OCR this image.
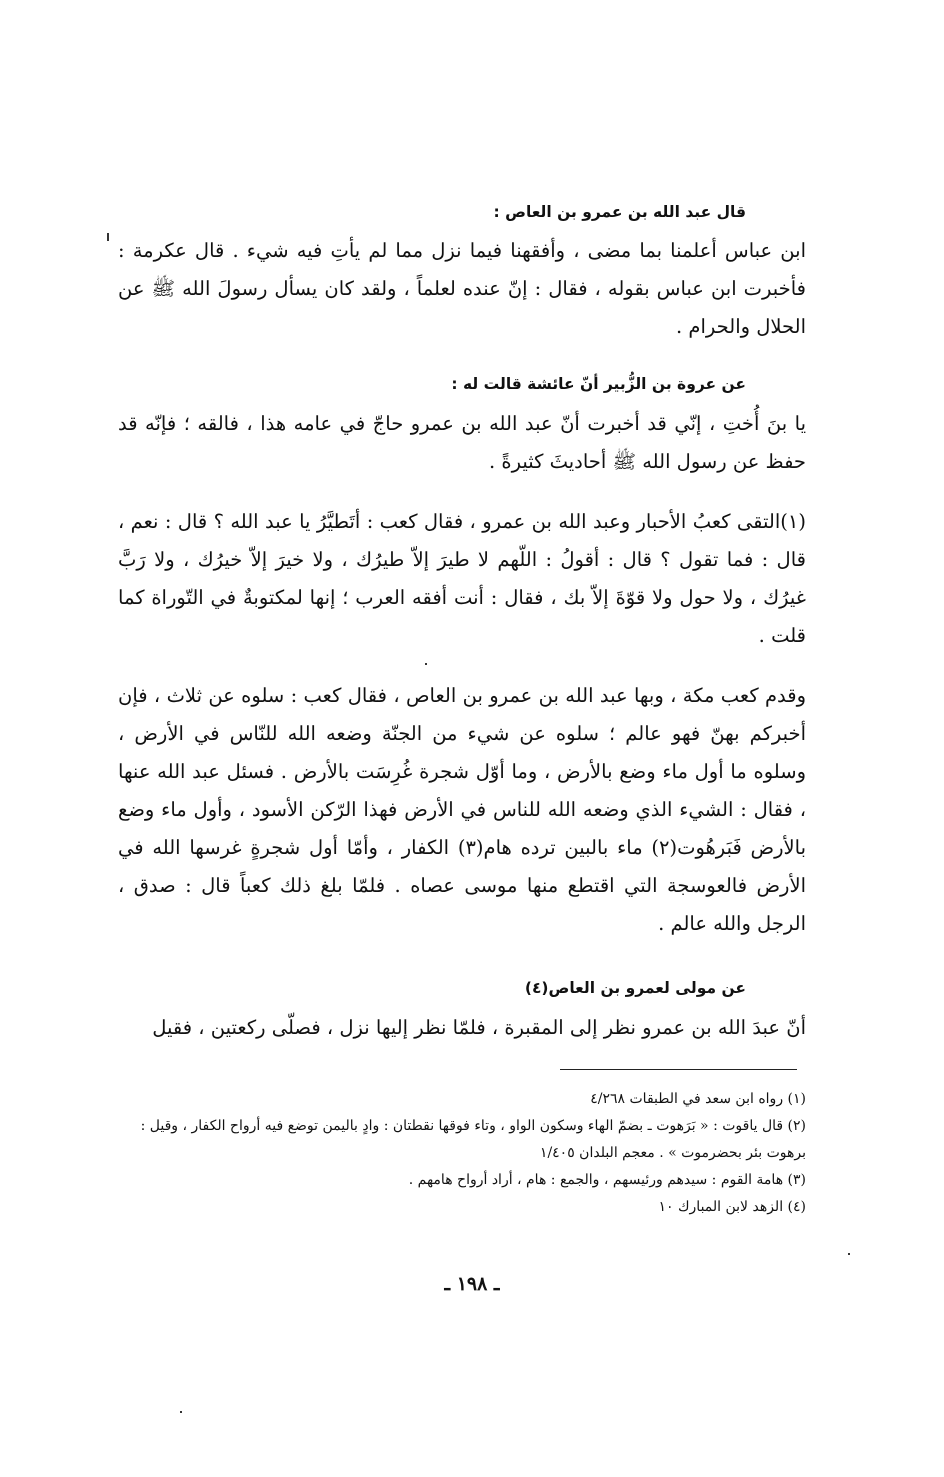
قال عبد الله بن عمرو بن العاص :

ابن عباس أعلمنا بما مضى ، وأفقهنا فيما نزل مما لم يأتِ فيه شيء . قال عكرمة : فأخبرت ابن عباس بقوله ، فقال : إنّ عنده لعلماً ، ولقد كان يسأل رسولَ الله ﷺ عن الحلال والحرام .

عن عروة بن الزُّبير أنّ عائشة قالت له :

يا بنَ أُختِ ، إنّي قد أخبرت أنّ عبد الله بن عمرو حاجّ في عامه هذا ، فالقه ؛ فإنّه قد حفظ عن رسول الله ﷺ أحاديثَ كثيرةً .

(١)التقى كعبُ الأحبار وعبد الله بن عمرو ، فقال كعب : أتَطيَّرُ يا عبد الله ؟ قال : نعم ، قال : فما تقول ؟ قال : أقولُ : اللّهم لا طيرَ إلاّ طيرُك ، ولا خيرَ إلاّ خيرُك ، ولا رَبَّ غيرُك ، ولا حول ولا قوّةَ إلاّ بك ، فقال : أنت أفقه العرب ؛ إنها لمكتوبةٌ في التّوراة كما قلت .

وقدم كعب مكة ، وبها عبد الله بن عمرو بن العاص ، فقال كعب : سلوه عن ثلاث ، فإن أخبركم بهنّ فهو عالم ؛ سلوه عن شيء من الجنّة وضعه الله للنّاس في الأرض ، وسلوه ما أول ماء وضع بالأرض ، وما أوّل شجرة غُرِسَت بالأرض . فسئل عبد الله عنها ، فقال : الشيء الذي وضعه الله للناس في الأرض فهذا الرّكن الأسود ، وأول ماء وضع بالأرض فَبَرهُوت(٢) ماء بالبين ترده هام(٣) الكفار ، وأمّا أول شجرةٍ غرسها الله في الأرض فالعوسجة التي اقتطع منها موسى عصاه . فلمّا بلغ ذلك كعباً قال : صدق ، الرجل والله عالم .

عن مولى لعمرو بن العاص(٤)

أنّ عبدَ الله بن عمرو نظر إلى المقبرة ، فلمّا نظر إليها نزل ، فصلّى ركعتين ، فقيل

(١) رواه ابن سعد في الطبقات ٤/٢٦٨
(٢) قال ياقوت : « بَرَهوت ـ بضمّ الهاء وسكون الواو ، وتاء فوقها نقطتان : وادٍ باليمن توضع فيه أرواح الكفار ، وقيل : برهوت بئر بحضرموت » . معجم البلدان ١/٤٠٥
(٣) هامة القوم : سيدهم ورئيسهم ، والجمع : هام ، أراد أرواح هامهم .
(٤) الزهد لابن المبارك ١٠
ـ ١٩٨ ـ
